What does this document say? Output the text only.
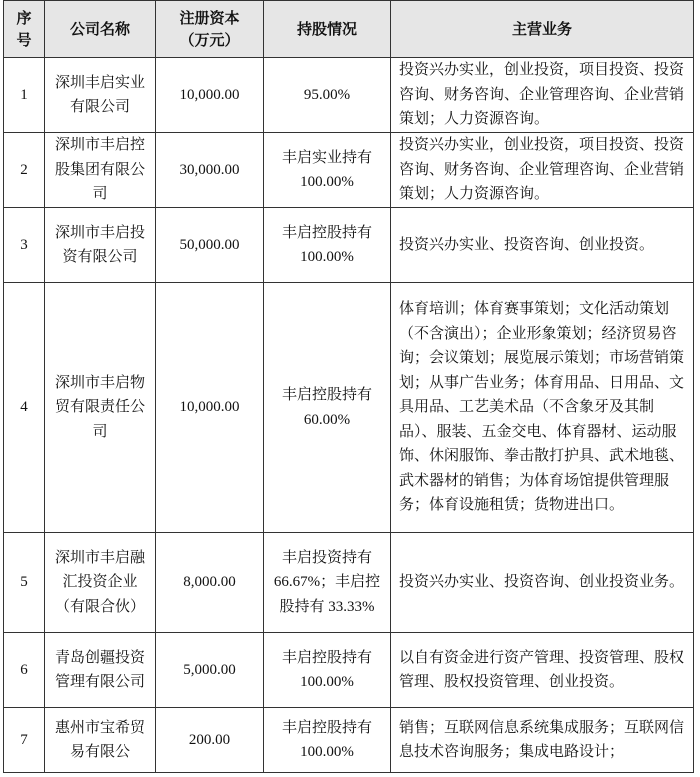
序号	公司名称	注册资本（万元）	持股情况	主营业务
1	深圳丰启实业有限公司	10,000.00	95.00%	投资兴办实业，创业投资，项目投资、投资咨询、财务咨询、企业管理咨询、企业营销策划；人力资源咨询。
2	深圳市丰启控股集团有限公司	30,000.00	丰启实业持有100.00%	投资兴办实业，创业投资，项目投资、投资咨询、财务咨询、企业管理咨询、企业营销策划；人力资源咨询。
3	深圳市丰启投资有限公司	50,000.00	丰启控股持有100.00%	投资兴办实业、投资咨询、创业投资。
4	深圳市丰启物贸有限责任公司	10,000.00	丰启控股持有60.00%	体育培训；体育赛事策划；文化活动策划（不含演出）；企业形象策划；经济贸易咨询；会议策划；展览展示策划；市场营销策划；从事广告业务；体育用品、日用品、文具用品、工艺美术品（不含象牙及其制品）、服装、五金交电、体育器材、运动服饰、休闲服饰、拳击散打护具、武术地毯、武术器材的销售；为体育场馆提供管理服务；体育设施租赁；货物进出口。
5	深圳市丰启融汇投资企业（有限合伙）	8,000.00	丰启投资持有66.67%；丰启控股持有 33.33%	投资兴办实业、投资咨询、创业投资业务。
6	青岛创疆投资管理有限公司	5,000.00	丰启控股持有100.00%	以自有资金进行资产管理、投资管理、股权管理、股权投资管理、创业投资。
7	惠州市宝希贸易有限公	200.00	丰启控股持有100.00%	销售；互联网信息系统集成服务；互联网信息技术咨询服务；集成电路设计；
